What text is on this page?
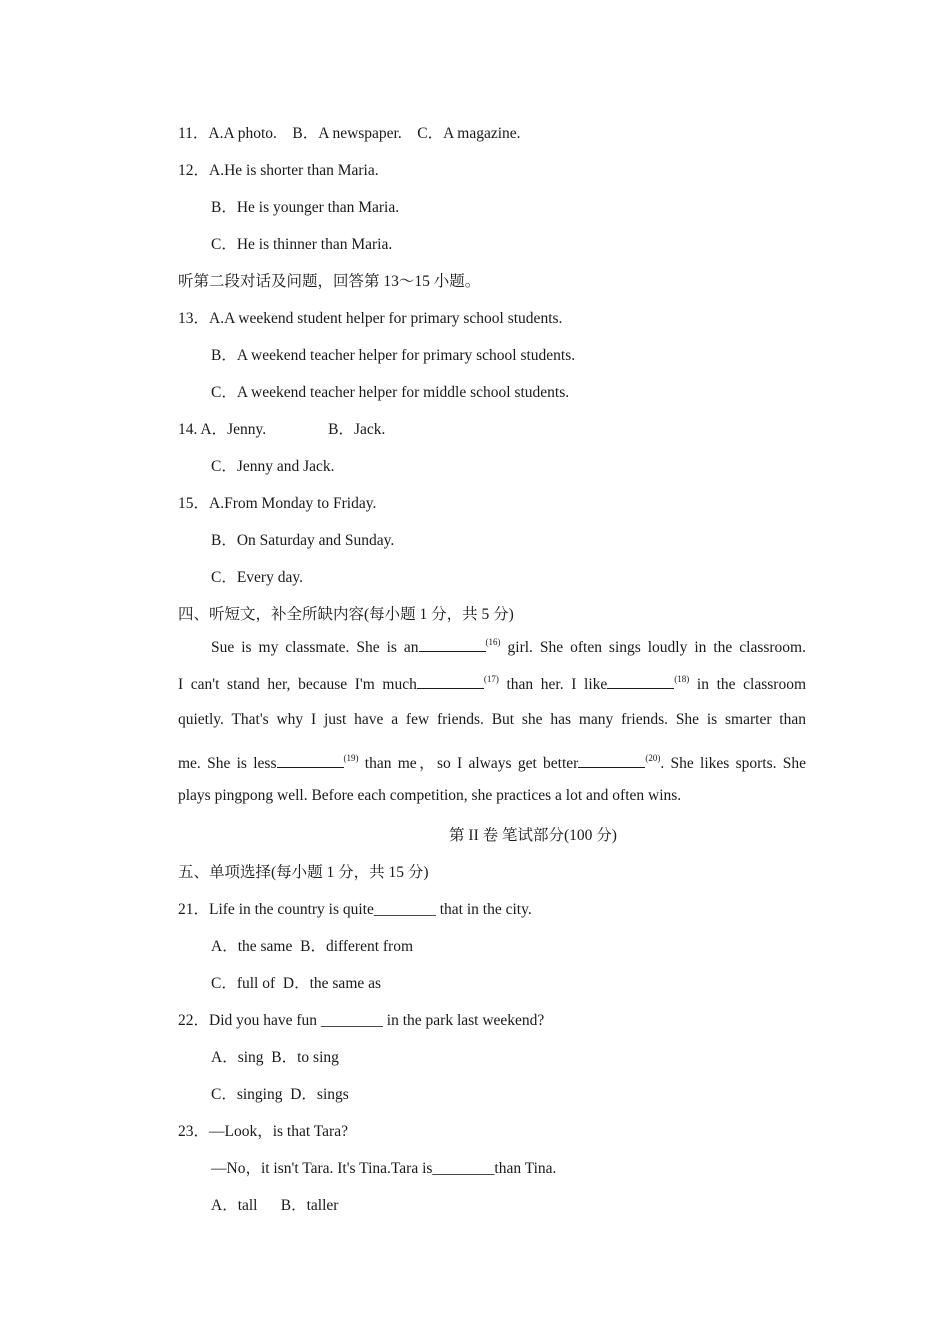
11．A.A photo.    B．A newspaper.    C．A magazine.
12．A.He is shorter than Maria.
B．He is younger than Maria.
C．He is thinner than Maria.
听第二段对话及问题，回答第 13～15 小题。
13．A.A weekend student helper for primary school students.
B．A weekend teacher helper for primary school students.
C．A weekend teacher helper for middle school students.
14. A．Jenny.                B．Jack.
C．Jenny and Jack.
15．A.From Monday to Friday.
B．On Saturday and Sunday.
C．Every day.
四、听短文，补全所缺内容(每小题 1 分，共 5 分)
Sue is my classmate. She is an	$^{(16)}$ girl. She often sings loudly in the classroom.
I can't stand her, because I'm much	$^{(17)}$ than her. I like	$^{(18)}$ in the classroom
quietly. That's why I just have a few friends. But she has many friends. She is smarter than
me. She is less	$^{(19)}$ than me，so I always get better	$^{(20)}$. She likes sports. She
plays pingpong well. Before each competition, she practices a lot and often wins.
第 II 卷 笔试部分(100 分)
五、单项选择(每小题 1 分，共 15 分)
21．Life in the country is quite________ that in the city.
A．the same  B．different from
C．full of  D．the same as
22．Did you have fun ________ in the park last weekend?
A．sing  B．to sing
C．singing  D．sings
23．—Look，is that Tara?
—No，it isn't Tara. It's Tina.Tara is________than Tina.
A．tall      B．taller
